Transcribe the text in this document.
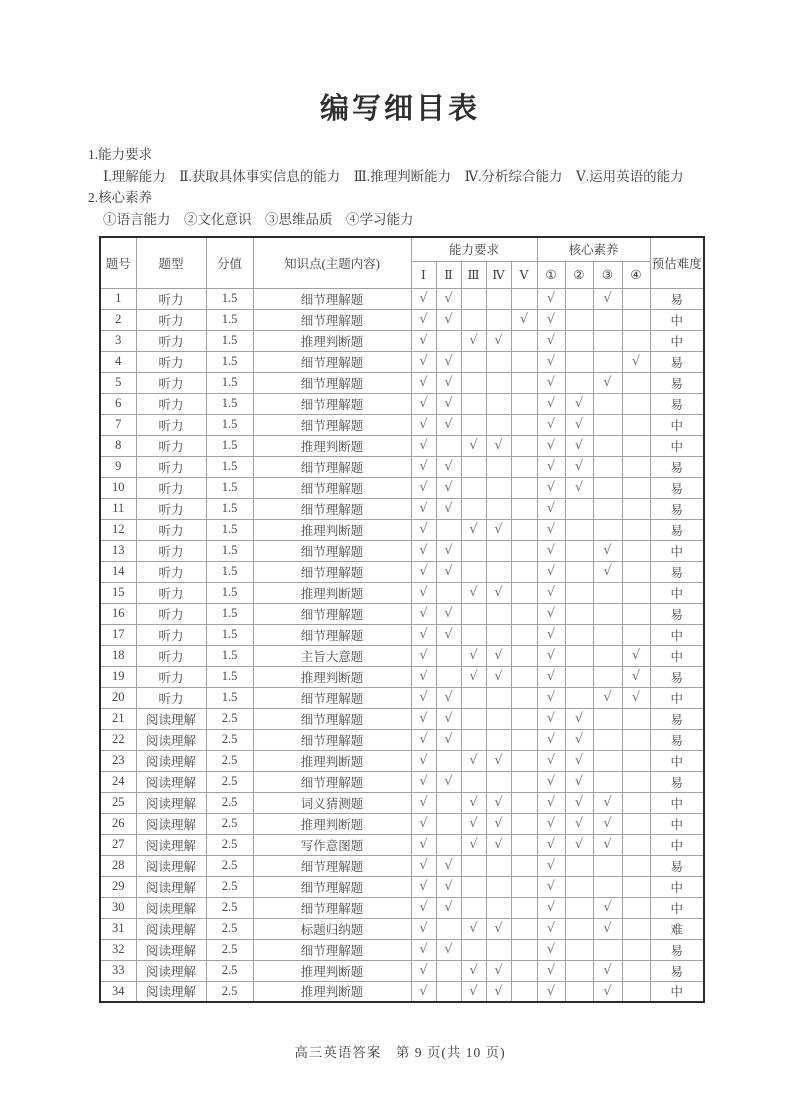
编写细目表
1.能力要求
Ⅰ.理解能力　Ⅱ.获取具体事实信息的能力　Ⅲ.推理判断能力　Ⅳ.分析综合能力　Ⅴ.运用英语的能力
2.核心素养
①语言能力　②文化意识　③思维品质　④学习能力
题号	题型	分值	知识点(主题内容)	能力要求					核心素养				预估难度
				Ⅰ	Ⅱ	Ⅲ	Ⅳ	Ⅴ	①	②	③	④	
1	听力	1.5	细节理解题	√	√				√		√		易
2	听力	1.5	细节理解题	√	√			√	√				中
3	听力	1.5	推理判断题	√		√	√		√				中
4	听力	1.5	细节理解题	√	√				√			√	易
5	听力	1.5	细节理解题	√	√				√		√		易
6	听力	1.5	细节理解题	√	√				√	√			易
7	听力	1.5	细节理解题	√	√				√	√			中
8	听力	1.5	推理判断题	√		√	√		√	√			中
9	听力	1.5	细节理解题	√	√				√	√			易
10	听力	1.5	细节理解题	√	√				√	√			易
11	听力	1.5	细节理解题	√	√				√				易
12	听力	1.5	推理判断题	√		√	√		√				易
13	听力	1.5	细节理解题	√	√				√		√		中
14	听力	1.5	细节理解题	√	√				√		√		易
15	听力	1.5	推理判断题	√		√	√		√				中
16	听力	1.5	细节理解题	√	√				√				易
17	听力	1.5	细节理解题	√	√				√				中
18	听力	1.5	主旨大意题	√		√	√		√			√	中
19	听力	1.5	推理判断题	√		√	√		√			√	易
20	听力	1.5	细节理解题	√	√				√		√	√	中
21	阅读理解	2.5	细节理解题	√	√				√	√			易
22	阅读理解	2.5	细节理解题	√	√				√	√			易
23	阅读理解	2.5	推理判断题	√		√	√		√	√			中
24	阅读理解	2.5	细节理解题	√	√				√	√			易
25	阅读理解	2.5	词义猜测题	√		√	√		√	√	√		中
26	阅读理解	2.5	推理判断题	√		√	√		√	√	√		中
27	阅读理解	2.5	写作意图题	√		√	√		√	√	√		中
28	阅读理解	2.5	细节理解题	√	√				√				易
29	阅读理解	2.5	细节理解题	√	√				√				中
30	阅读理解	2.5	细节理解题	√	√				√		√		中
31	阅读理解	2.5	标题归纳题	√		√	√		√		√		难
32	阅读理解	2.5	细节理解题	√	√				√				易
33	阅读理解	2.5	推理判断题	√		√	√		√		√		易
34	阅读理解	2.5	推理判断题	√		√	√		√		√		中
高三英语答案　第 9 页(共 10 页)
